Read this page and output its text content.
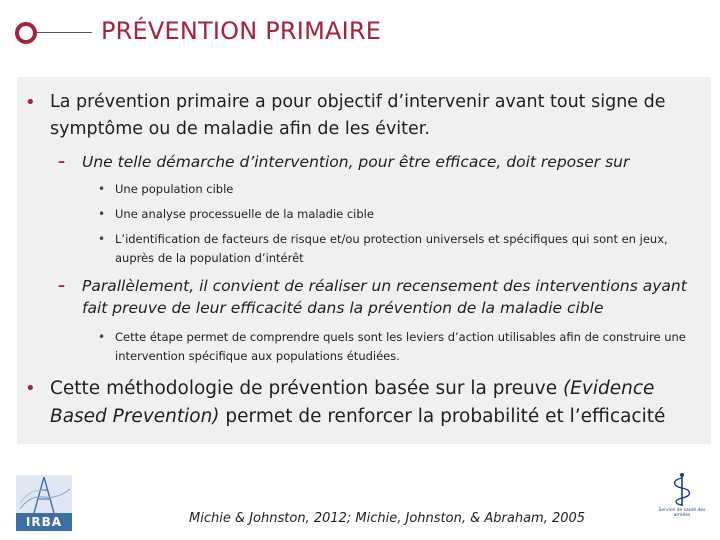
PRÉVENTION PRIMAIRE
• La prévention primaire a pour objectif d’intervenir avant tout signe de symptôme ou de maladie afin de les éviter.
– Une telle démarche d’intervention, pour être efficace, doit reposer sur
• Une population cible
• Une analyse processuelle de la maladie cible
• L’identification de facteurs de risque et/ou protection universels et spécifiques qui sont en jeux, auprès de la population d’intérêt
– Parallèlement, il convient de réaliser un recensement des interventions ayant fait preuve de leur efficacité dans la prévention de la maladie cible
• Cette étape permet de comprendre quels sont les leviers d’action utilisables afin de construire une intervention spécifique aux populations étudiées.
• Cette méthodologie de prévention basée sur la preuve (Evidence Based Prevention) permet de renforcer la probabilité et l’efficacité
IRBA	Michie & Johnston, 2012; Michie, Johnston, & Abraham, 2005

Service de santé des armées
